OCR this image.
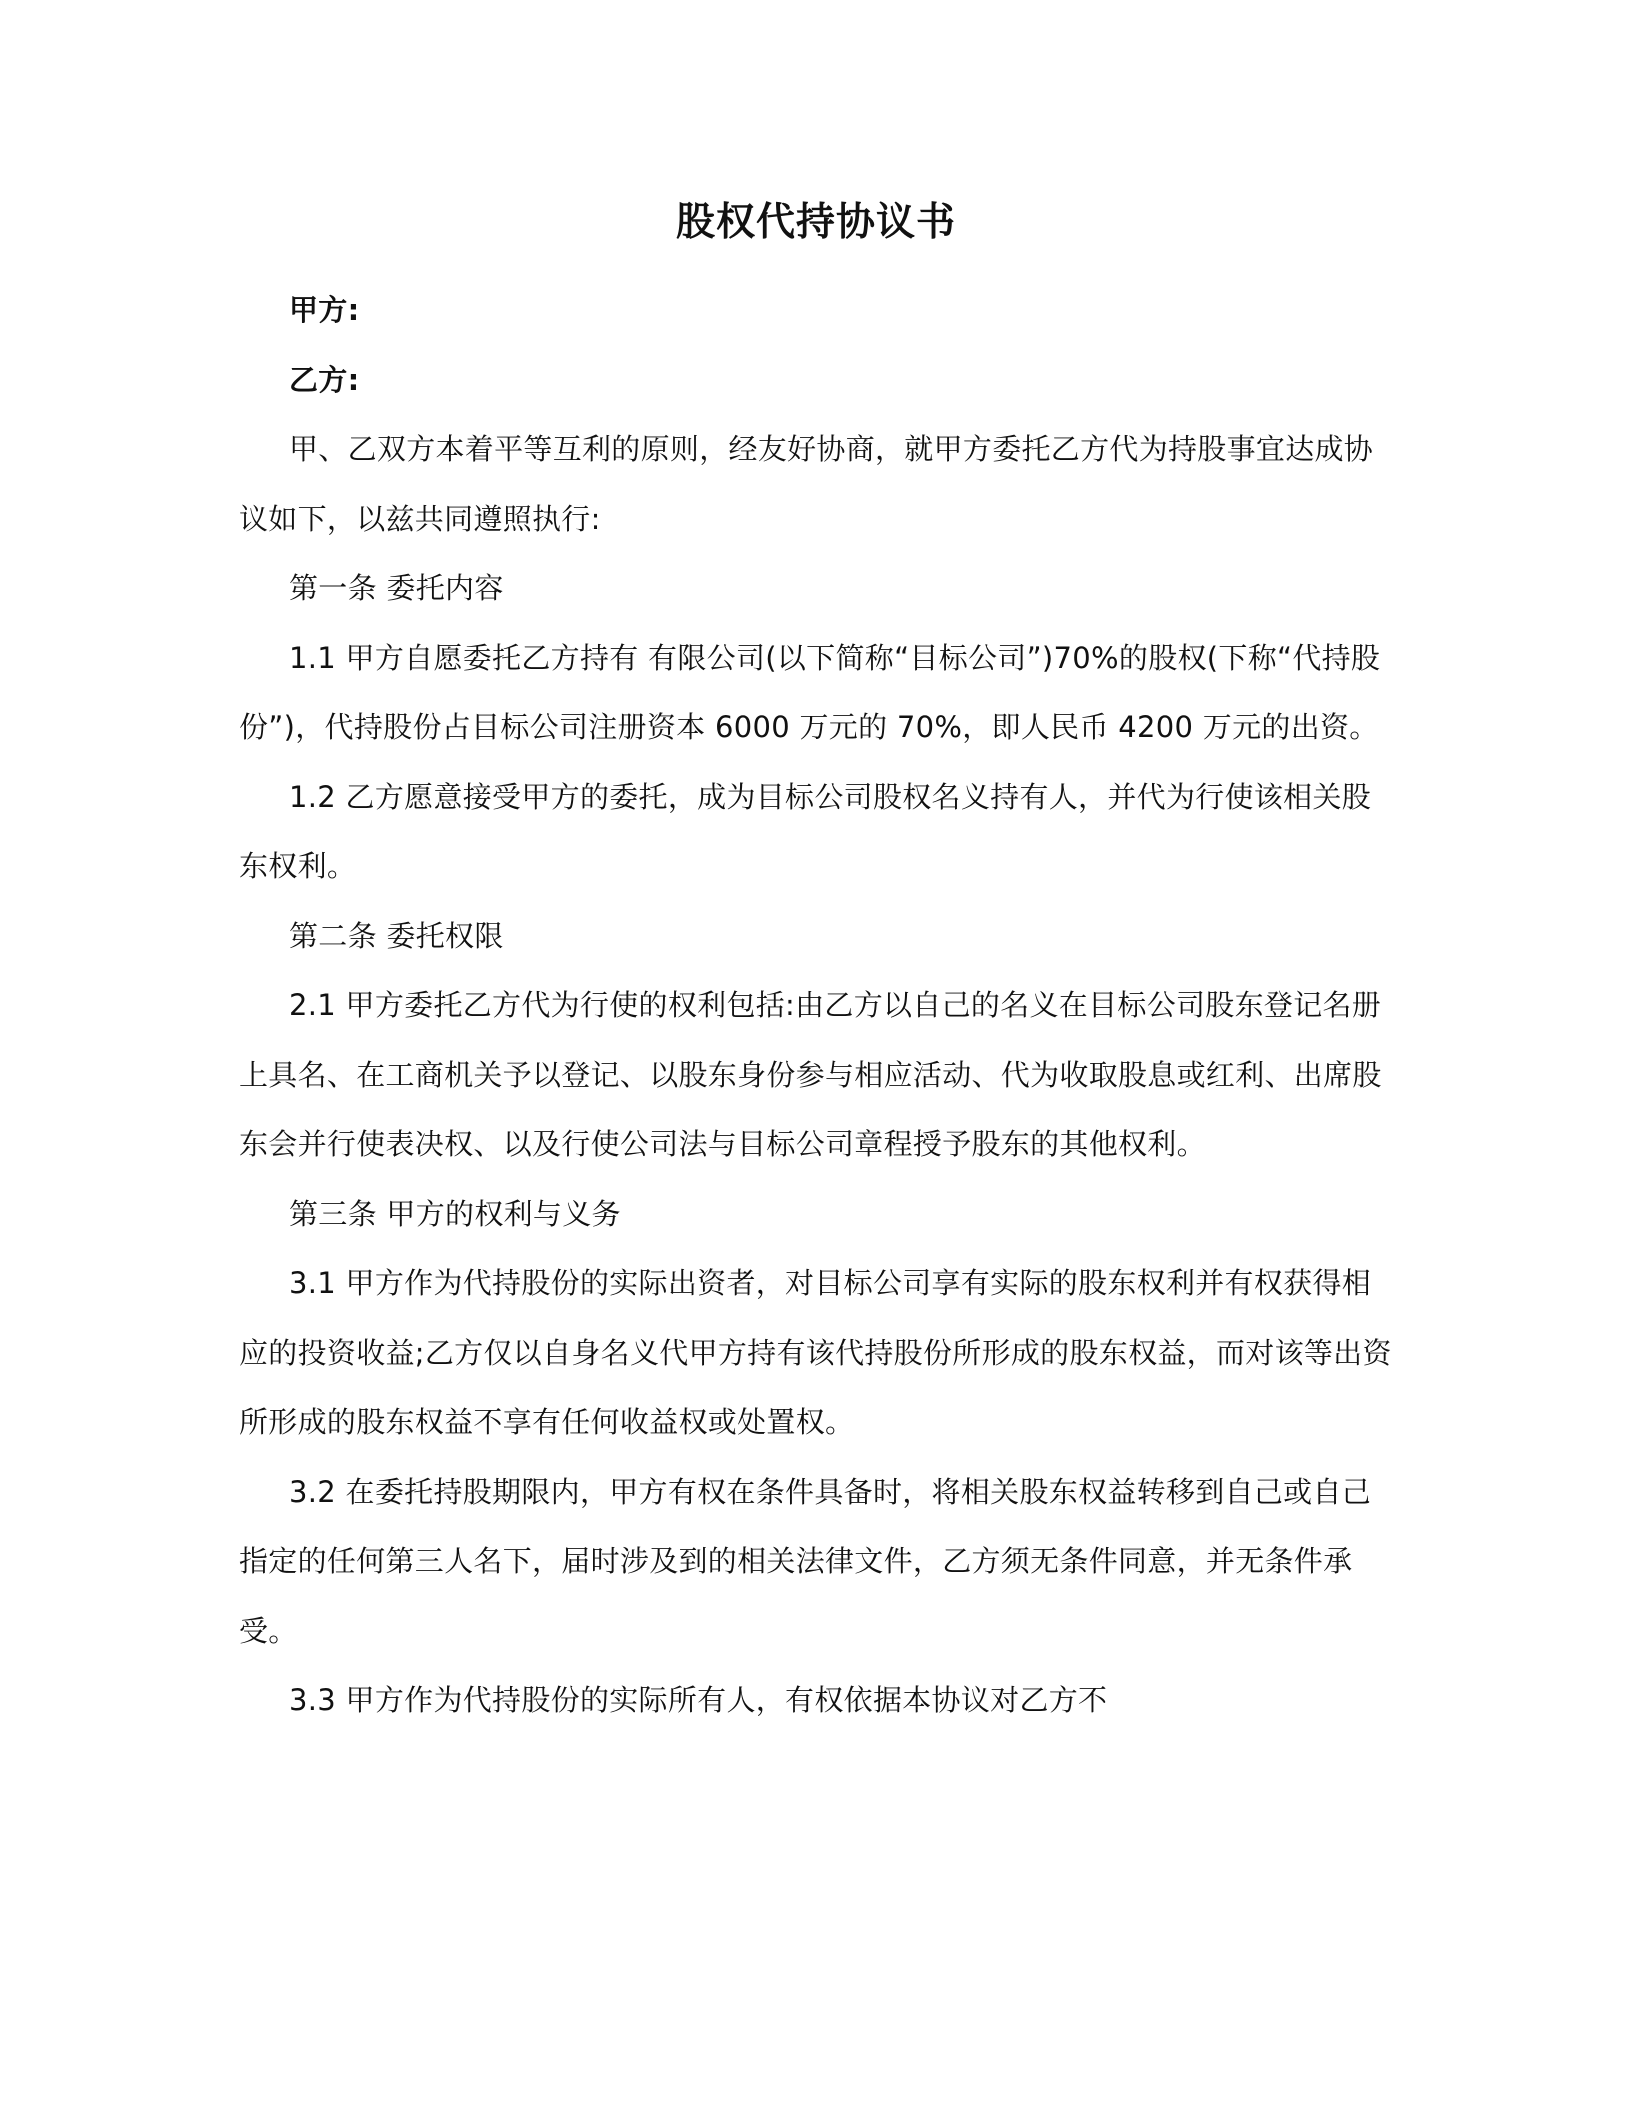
股权代持协议书

甲方:

乙方:

甲、乙双方本着平等互利的原则，经友好协商，就甲方委托乙方代为持股事宜达成协议如下，以兹共同遵照执行:

第一条 委托内容

1.1 甲方自愿委托乙方持有 有限公司(以下简称“目标公司”)70%的股权(下称“代持股份”)，代持股份占目标公司注册资本 6000 万元的 70%，即人民币 4200 万元的出资。

1.2 乙方愿意接受甲方的委托，成为目标公司股权名义持有人，并代为行使该相关股东权利。

第二条 委托权限

2.1 甲方委托乙方代为行使的权利包括:由乙方以自己的名义在目标公司股东登记名册上具名、在工商机关予以登记、以股东身份参与相应活动、代为收取股息或红利、出席股东会并行使表决权、以及行使公司法与目标公司章程授予股东的其他权利。

第三条 甲方的权利与义务

3.1 甲方作为代持股份的实际出资者，对目标公司享有实际的股东权利并有权获得相应的投资收益;乙方仅以自身名义代甲方持有该代持股份所形成的股东权益，而对该等出资所形成的股东权益不享有任何收益权或处置权。

3.2 在委托持股期限内，甲方有权在条件具备时，将相关股东权益转移到自己或自己指定的任何第三人名下，届时涉及到的相关法律文件，乙方须无条件同意，并无条件承受。

3.3 甲方作为代持股份的实际所有人，有权依据本协议对乙方不
